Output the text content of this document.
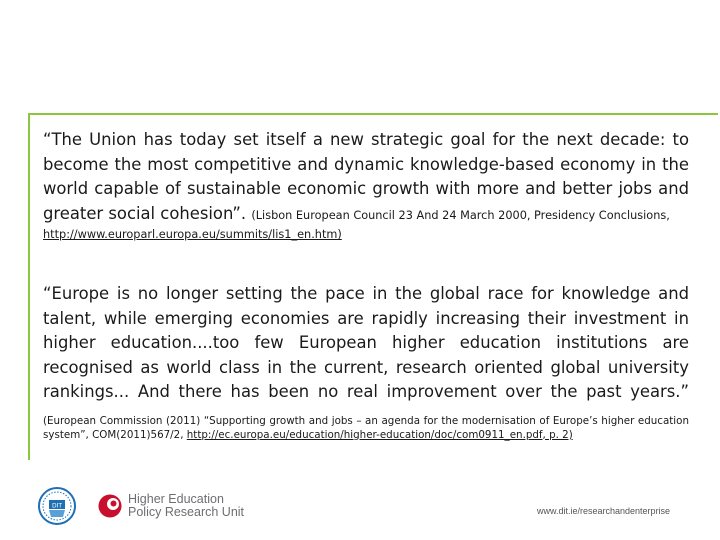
“The Union has today set itself a new strategic goal for the next decade: to become the most competitive and dynamic knowledge-based economy in the world capable of sustainable economic growth with more and better jobs and greater social cohesion”. (Lisbon European Council 23 And 24 March 2000, Presidency Conclusions,

http://www.europarl.europa.eu/summits/lis1_en.htm)

“Europe is no longer setting the pace in the global race for knowledge and talent, while emerging economies are rapidly increasing their investment in higher education....too few European higher education institutions are recognised as world class in the current, research oriented global university rankings... And there has been no real improvement over the past years.”

(European Commission (2011) “Supporting growth and jobs – an agenda for the modernisation of Europe’s higher education system”, COM(2011)567/2, http://ec.europa.eu/education/higher-education/doc/com0911_en.pdf, p. 2)
DIT	Higher Education
Policy Research Unit	www.dit.ie/researchandenterprise
